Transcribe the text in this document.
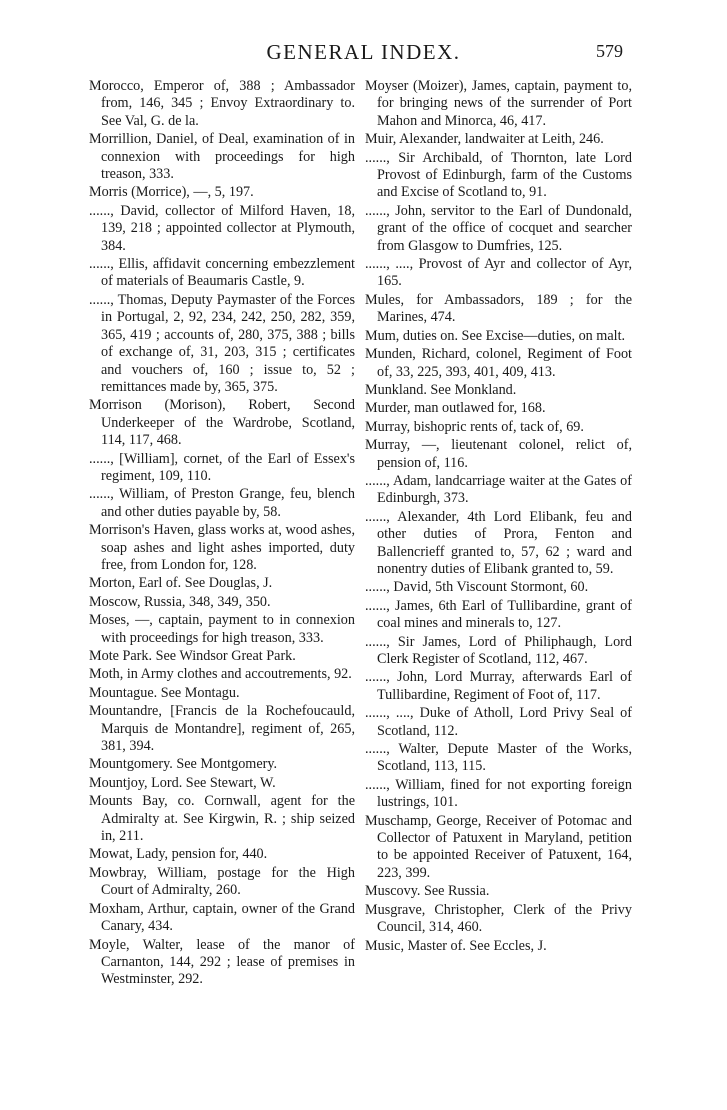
GENERAL INDEX.	579

Morocco, Emperor of, 388 ; Ambassador from, 146, 345 ; Envoy Extraordinary to. See Val, G. de la.

Morrillion, Daniel, of Deal, examination of in connexion with proceedings for high treason, 333.

Morris (Morrice), —, 5, 197.

......, David, collector of Milford Haven, 18, 139, 218 ; appointed collector at Plymouth, 384.

......, Ellis, affidavit concerning embezzlement of materials of Beaumaris Castle, 9.

......, Thomas, Deputy Paymaster of the Forces in Portugal, 2, 92, 234, 242, 250, 282, 359, 365, 419 ; accounts of, 280, 375, 388 ; bills of exchange of, 31, 203, 315 ; certificates and vouchers of, 160 ; issue to, 52 ; remittances made by, 365, 375.

Morrison (Morison), Robert, Second Underkeeper of the Wardrobe, Scotland, 114, 117, 468.

......, [William], cornet, of the Earl of Essex's regiment, 109, 110.

......, William, of Preston Grange, feu, blench and other duties payable by, 58.

Morrison's Haven, glass works at, wood ashes, soap ashes and light ashes imported, duty free, from London for, 128.

Morton, Earl of. See Douglas, J.

Moscow, Russia, 348, 349, 350.

Moses, —, captain, payment to in connexion with proceedings for high treason, 333.

Mote Park. See Windsor Great Park.

Moth, in Army clothes and accoutrements, 92.

Mountague. See Montagu.

Mountandre, [Francis de la Rochefoucauld, Marquis de Montandre], regiment of, 265, 381, 394.

Mountgomery. See Montgomery.

Mountjoy, Lord. See Stewart, W.

Mounts Bay, co. Cornwall, agent for the Admiralty at. See Kirgwin, R. ; ship seized in, 211.

Mowat, Lady, pension for, 440.

Mowbray, William, postage for the High Court of Admiralty, 260.

Moxham, Arthur, captain, owner of the Grand Canary, 434.

Moyle, Walter, lease of the manor of Carnanton, 144, 292 ; lease of premises in Westminster, 292.

Moyser (Moizer), James, captain, payment to, for bringing news of the surrender of Port Mahon and Minorca, 46, 417.

Muir, Alexander, landwaiter at Leith, 246.

......, Sir Archibald, of Thornton, late Lord Provost of Edinburgh, farm of the Customs and Excise of Scotland to, 91.

......, John, servitor to the Earl of Dundonald, grant of the office of cocquet and searcher from Glasgow to Dumfries, 125.

......, ...., Provost of Ayr and collector of Ayr, 165.

Mules, for Ambassadors, 189 ; for the Marines, 474.

Mum, duties on. See Excise—duties, on malt.

Munden, Richard, colonel, Regiment of Foot of, 33, 225, 393, 401, 409, 413.

Munkland. See Monkland.

Murder, man outlawed for, 168.

Murray, bishopric rents of, tack of, 69.

Murray, —, lieutenant colonel, relict of, pension of, 116.

......, Adam, landcarriage waiter at the Gates of Edinburgh, 373.

......, Alexander, 4th Lord Elibank, feu and other duties of Prora, Fenton and Ballencrieff granted to, 57, 62 ; ward and nonentry duties of Elibank granted to, 59.

......, David, 5th Viscount Stormont, 60.

......, James, 6th Earl of Tullibardine, grant of coal mines and minerals to, 127.

......, Sir James, Lord of Philiphaugh, Lord Clerk Register of Scotland, 112, 467.

......, John, Lord Murray, afterwards Earl of Tullibardine, Regiment of Foot of, 117.

......, ...., Duke of Atholl, Lord Privy Seal of Scotland, 112.

......, Walter, Depute Master of the Works, Scotland, 113, 115.

......, William, fined for not exporting foreign lustrings, 101.

Muschamp, George, Receiver of Potomac and Collector of Patuxent in Maryland, petition to be appointed Receiver of Patuxent, 164, 223, 399.

Muscovy. See Russia.

Musgrave, Christopher, Clerk of the Privy Council, 314, 460.

Music, Master of. See Eccles, J.
